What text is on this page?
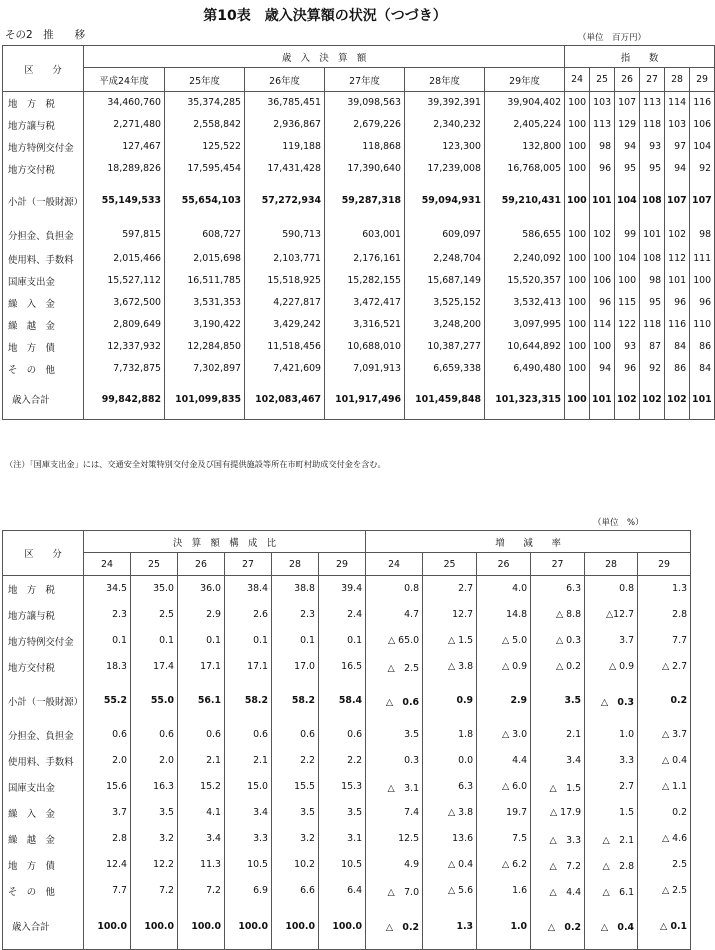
第10表　歳入決算額の状況（つづき）
その2　推　　移	（単位　百万円）
区　　分	歳　入　決　算　額						指　　数					
	平成24年度	25年度	26年度	27年度	28年度	29年度	24	25	26	27	28	29
地　方　税	34,460,760	35,374,285	36,785,451	39,098,563	39,392,391	39,904,402	100	103	107	113	114	116
地方譲与税	2,271,480	2,558,842	2,936,867	2,679,226	2,340,232	2,405,224	100	113	129	118	103	106
地方特例交付金	127,467	125,522	119,188	118,868	123,300	132,800	100	98	94	93	97	104
地方交付税	18,289,826	17,595,454	17,431,428	17,390,640	17,239,008	16,768,005	100	96	95	95	94	92
小計（一般財源）	55,149,533	55,654,103	57,272,934	59,287,318	59,094,931	59,210,431	100	101	104	108	107	107
分担金、負担金	597,815	608,727	590,713	603,001	609,097	586,655	100	102	99	101	102	98
使用料、手数料	2,015,466	2,015,698	2,103,771	2,176,161	2,248,704	2,240,092	100	100	104	108	112	111
国庫支出金	15,527,112	16,511,785	15,518,925	15,282,155	15,687,149	15,520,357	100	106	100	98	101	100
繰　入　金	3,672,500	3,531,353	4,227,817	3,472,417	3,525,152	3,532,413	100	96	115	95	96	96
繰　越　金	2,809,649	3,190,422	3,429,242	3,316,521	3,248,200	3,097,995	100	114	122	118	116	110
地　方　債	12,337,932	12,284,850	11,518,456	10,688,010	10,387,277	10,644,892	100	100	93	87	84	86
そ　の　他	7,732,875	7,302,897	7,421,609	7,091,913	6,659,338	6,490,480	100	94	96	92	86	84
歳入合計	99,842,882	101,099,835	102,083,467	101,917,496	101,459,848	101,323,315	100	101	102	102	102	101
（注）「国庫支出金」には、交通安全対策特別交付金及び国有提供施設等所在市町村助成交付金を含む。
（単位　%）
区　　分	決　算　額　構　成　比						増　　減　　率					
	24	25	26	27	28	29	24	25	26	27	28	29
地　方　税	34.5	35.0	36.0	38.4	38.8	39.4	0.8	2.7	4.0	6.3	0.8	1.3
地方譲与税	2.3	2.5	2.9	2.6	2.3	2.4	4.7	12.7	14.8	△ 8.8	△12.7	2.8
地方特例交付金	0.1	0.1	0.1	0.1	0.1	0.1	△ 65.0	△ 1.5	△ 5.0	△ 0.3	3.7	7.7
地方交付税	18.3	17.4	17.1	17.1	17.0	16.5	△　2.5	△ 3.8	△ 0.9	△ 0.2	△ 0.9	△ 2.7
小計（一般財源）	55.2	55.0	56.1	58.2	58.2	58.4	△　0.6	0.9	2.9	3.5	△　0.3	0.2
分担金、負担金	0.6	0.6	0.6	0.6	0.6	0.6	3.5	1.8	△ 3.0	2.1	1.0	△ 3.7
使用料、手数料	2.0	2.0	2.1	2.1	2.2	2.2	0.3	0.0	4.4	3.4	3.3	△ 0.4
国庫支出金	15.6	16.3	15.2	15.0	15.5	15.3	△　3.1	6.3	△ 6.0	△　1.5	2.7	△ 1.1
繰　入　金	3.7	3.5	4.1	3.4	3.5	3.5	7.4	△ 3.8	19.7	△ 17.9	1.5	0.2
繰　越　金	2.8	3.2	3.4	3.3	3.2	3.1	12.5	13.6	7.5	△　3.3	△　2.1	△ 4.6
地　方　債	12.4	12.2	11.3	10.5	10.2	10.5	4.9	△ 0.4	△ 6.2	△　7.2	△　2.8	2.5
そ　の　他	7.7	7.2	7.2	6.9	6.6	6.4	△　7.0	△ 5.6	1.6	△　4.4	△　6.1	△ 2.5
歳入合計	100.0	100.0	100.0	100.0	100.0	100.0	△　0.2	1.3	1.0	△　0.2	△　0.4	△ 0.1
